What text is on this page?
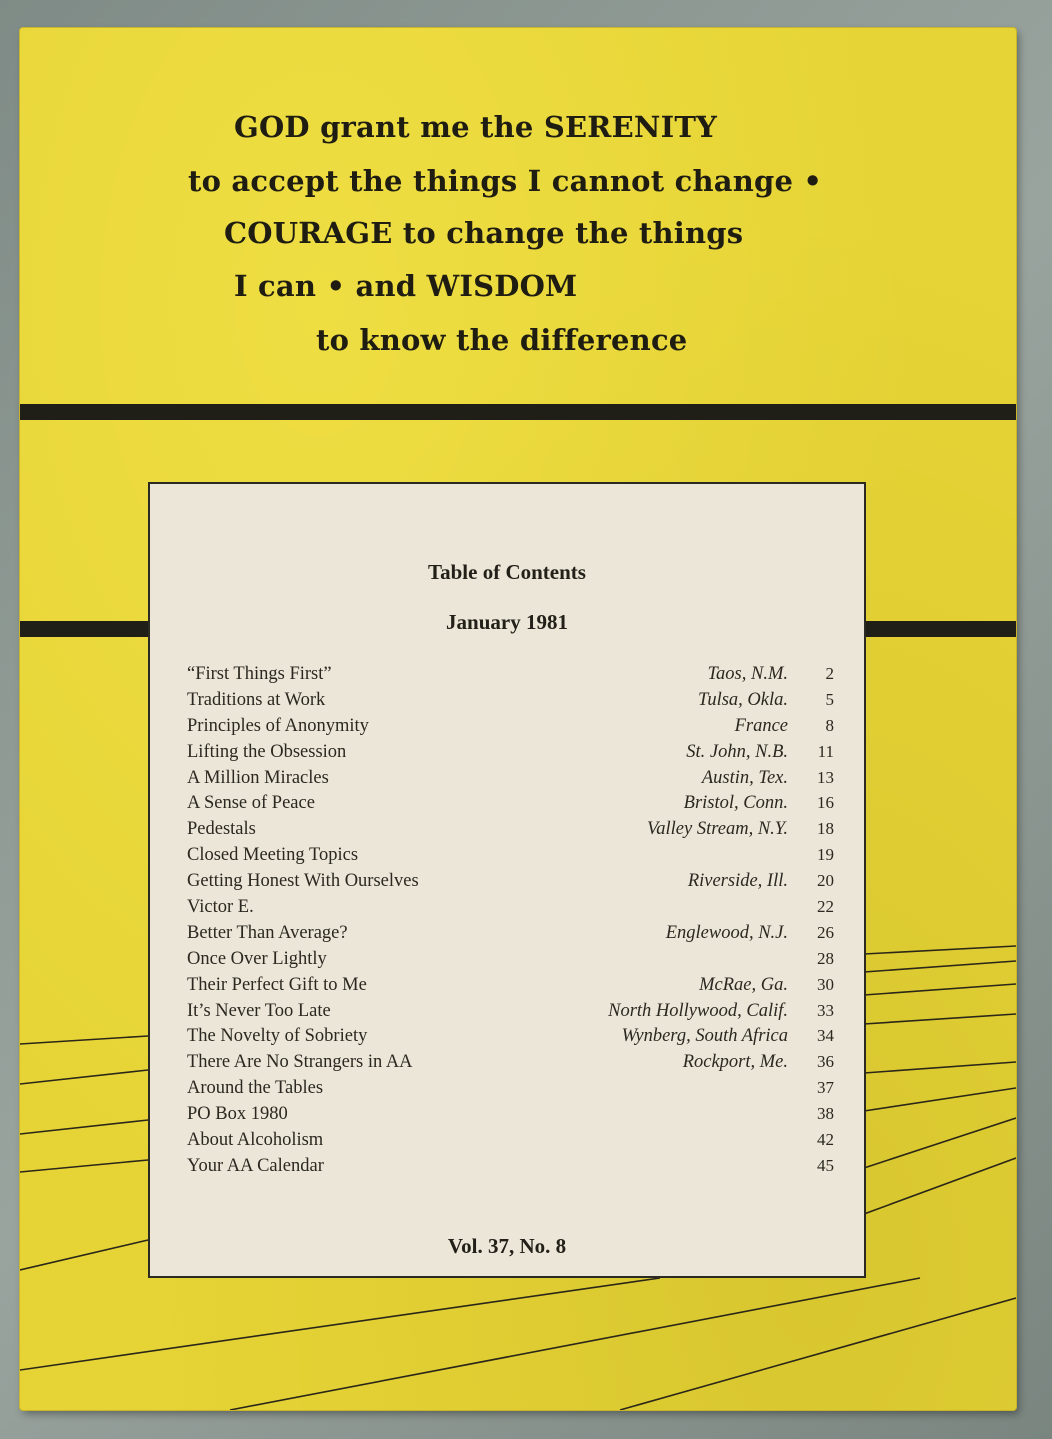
GOD grant me the SERENITY

to accept the things I cannot change •

COURAGE to change the things

I can • and WISDOM

to know the difference

Table of Contents

January 1981

“First Things First”	Taos, N.M.	2
Traditions at Work	Tulsa, Okla.	5
Principles of Anonymity	France	8
Lifting the Obsession	St. John, N.B.	11
A Million Miracles	Austin, Tex.	13
A Sense of Peace	Bristol, Conn.	16
Pedestals	Valley Stream, N.Y.	18
Closed Meeting Topics	19
Getting Honest With Ourselves	Riverside, Ill.	20
Victor E.	22
Better Than Average?	Englewood, N.J.	26
Once Over Lightly	28
Their Perfect Gift to Me	McRae, Ga.	30
It’s Never Too Late	North Hollywood, Calif.	33
The Novelty of Sobriety	Wynberg, South Africa	34
There Are No Strangers in AA	Rockport, Me.	36
Around the Tables	37
PO Box 1980	38
About Alcoholism	42
Your AA Calendar	45

Vol. 37, No. 8
